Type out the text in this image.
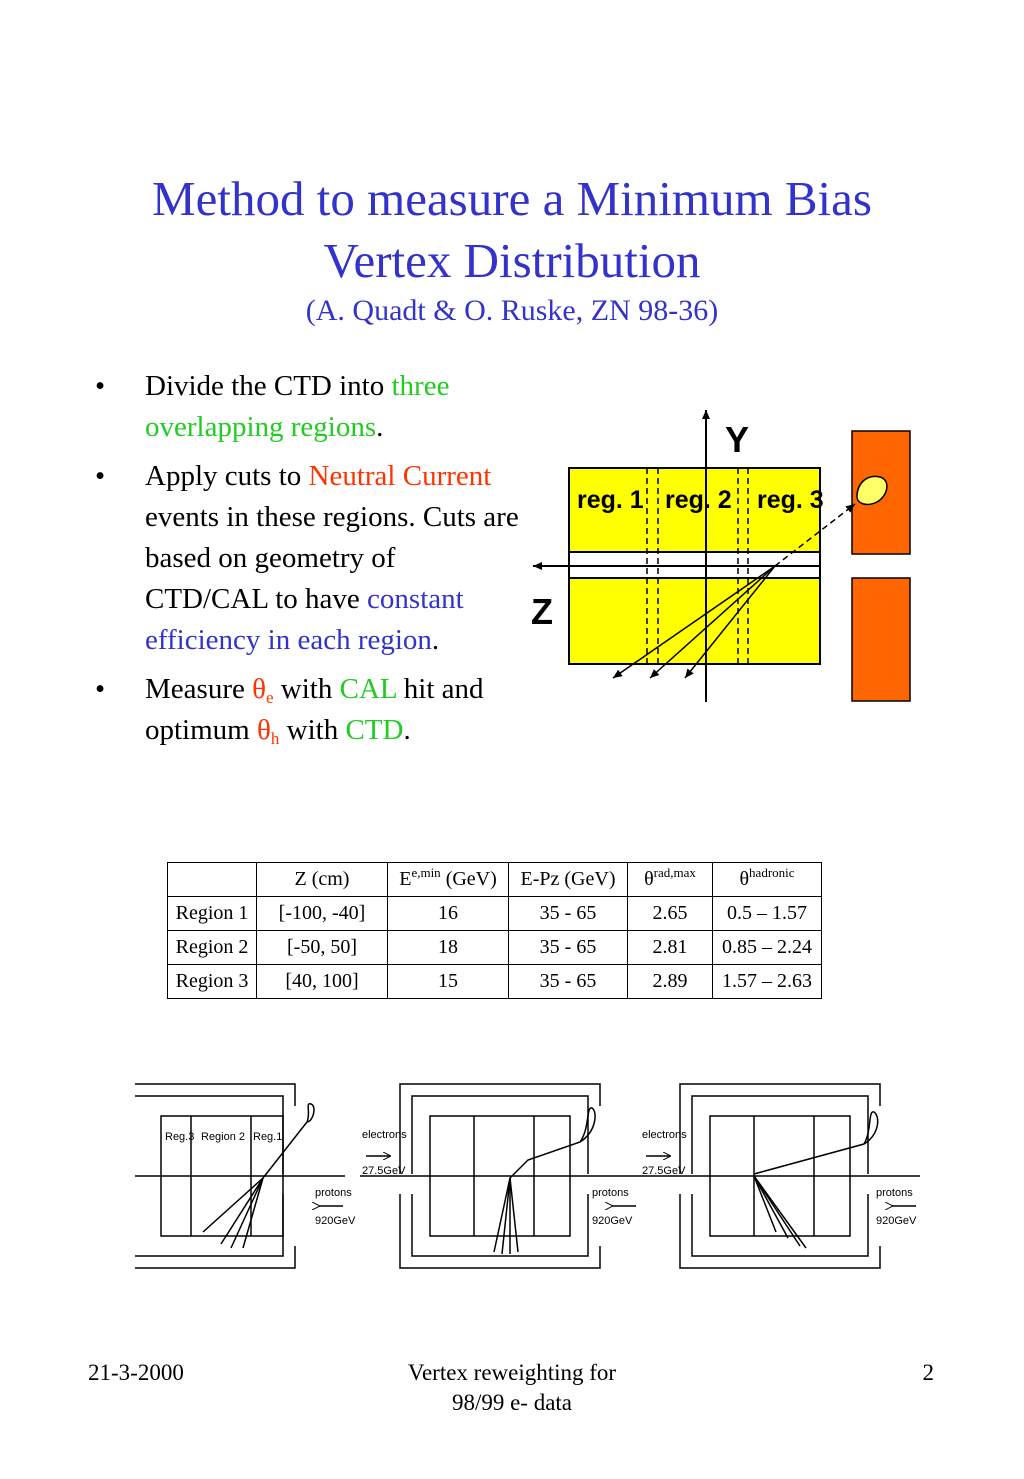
Method to measure a Minimum Bias
Vertex Distribution
(A. Quadt & O. Ruske, ZN 98-36)
• Divide the CTD into three overlapping regions.
• Apply cuts to Neutral Current events in these regions. Cuts are based on geometry of CTD/CAL to have constant efficiency in each region.
• Measure $\theta_e$ with CAL hit and optimum $\theta_h$ with CTD.
Y
Z
reg. 1 reg. 2 reg. 3
	Z (cm)	$E^{e,min}$ (GeV)	E-Pz (GeV)	$\theta^{rad,max}$	$\theta^{hadronic}$
Region 1	[-100, -40]	16	35 - 65	2.65	0.5 – 1.57
Region 2	[-50, 50]	18	35 - 65	2.81	0.85 – 2.24
Region 3	[40, 100]	15	35 - 65	2.89	1.57 – 2.63
Reg.3 Region 2 Reg.1
protons
920GeV
electrons
27.5GeV
protons
920GeV
electrons
27.5GeV
protons
920GeV
21-3-2000	Vertex reweighting for
98/99 e- data
2
